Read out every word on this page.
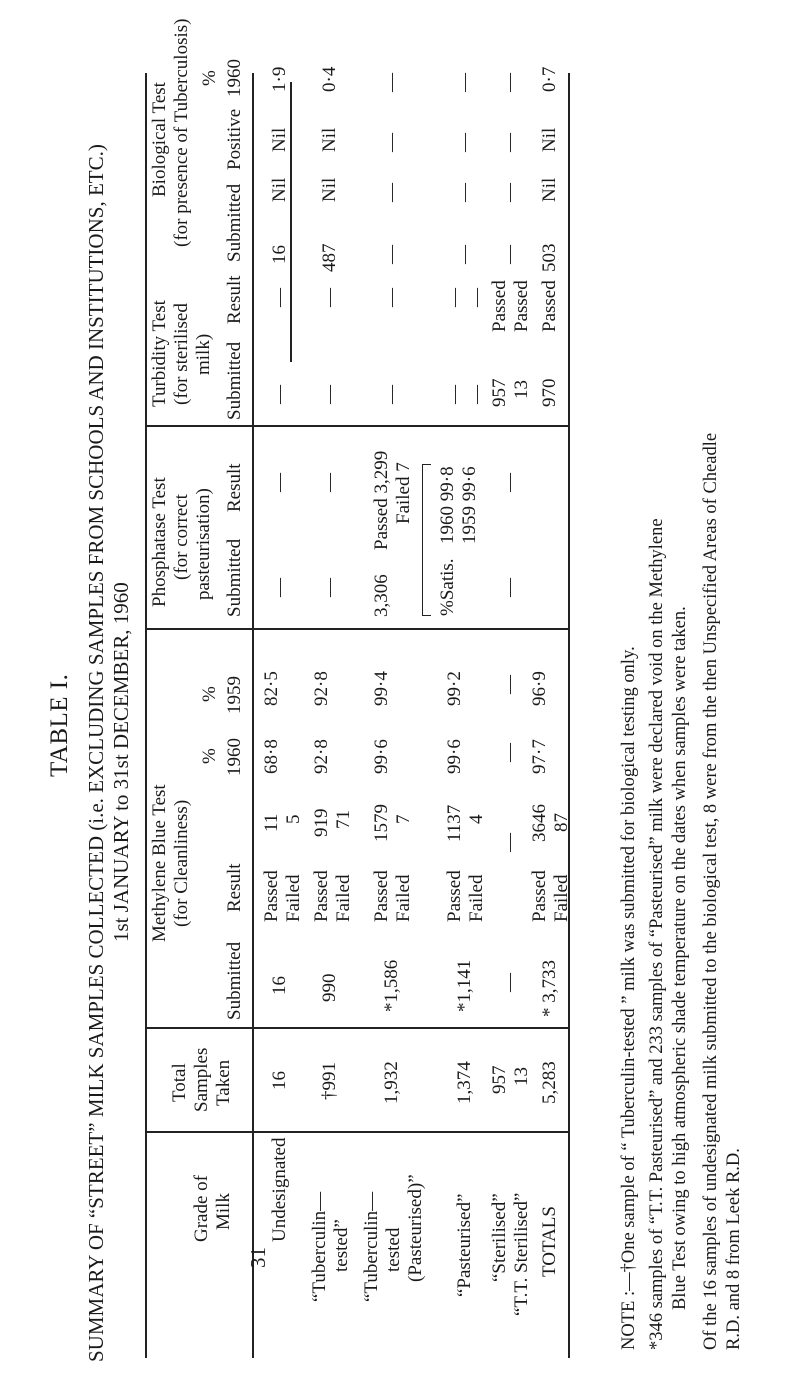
TABLE I. SUMMARY OF “STREET” MILK SAMPLES COLLECTED (i.e. EXCLUDING SAMPLES FROM SCHOOLS AND INSTITUTIONS, ETC.) 1st JANUARY to 31st DECEMBER, 1960
Grade of Milk
Total Samples Taken
Methylene Blue Test (for Cleanliness)
Submitted
Result
% 1960
% 1959
Phosphatase Test (for correct pasteurisation) Submitted
Result
Turbidity Test (for sterilised milk) Submitted
Result
Biological Test (for presence of Tuberculosis) Submitted
Positive
% 1960
Undesignated
16
16
Passed
11
Failed
5
68·8
82·5
—
—
—
—
16
Nil
Nil
1·9
“Tuberculin— tested”
†991
990
Passed
919
Failed
71
92·8
92·8
—
—
—
—
487
Nil
Nil
0·4
“Tuberculin— tested (Pasteurised)”
1,932
*1,586
Passed
1579
Failed
7
99·6
99·4
3,306
Passed 3,299 Failed 7
%Satis.
1960 99·8 1959 99·6
—
—
—
—
—
—
“Pasteurised”
1,374
*1,141
Passed
1137
Failed
4
99·6
99·2
— —
— —
—
—
—
—
“Sterilised” “T.T. Sterilised”
957 13
—
—
—
—
—
—
957 13
Passed Passed
—
—
—
—
TOTALS
5,283
* 3,733
Passed
3646
Failed
87
97·7
96·9
970
Passed
503
Nil
Nil
0·7
NOTE :—†One sample of “ Tuberculin-tested ” milk was submitted for biological testing only. *346 samples of “T.T. Pasteurised” and 233 samples of “Pasteurised” milk were declared void on the Methylene Blue Test owing to high atmospheric shade temperature on the dates when samples were taken. Of the 16 samples of undesignated milk submitted to the biological test, 8 were from the then Unspecified Areas of Cheadle R.D. and 8 from Leek R.D.
31
